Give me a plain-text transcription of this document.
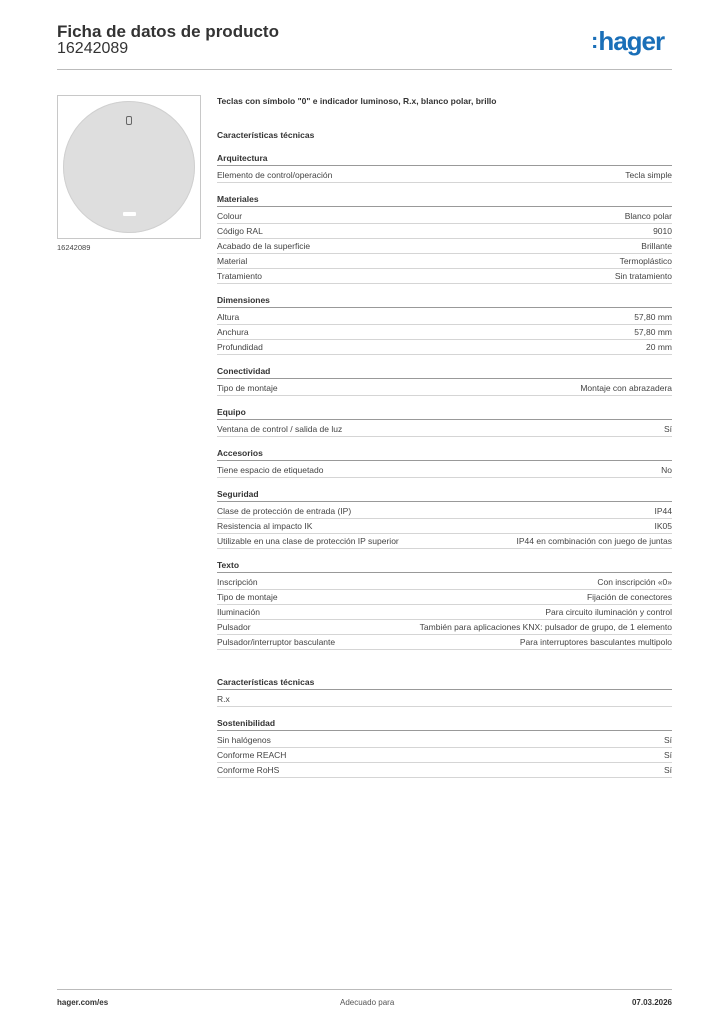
Ficha de datos de producto
16242089	:hager
16242089
Teclas con símbolo "0" e indicador luminoso, R.x, blanco polar, brillo
Características técnicas
Arquitectura
Elemento de control/operación	Tecla simple
Materiales
Colour	Blanco polar
Código RAL	9010
Acabado de la superficie	Brillante
Material	Termoplástico
Tratamiento	Sin tratamiento
Dimensiones
Altura	57,80 mm
Anchura	57,80 mm
Profundidad	20 mm
Conectividad
Tipo de montaje	Montaje con abrazadera
Equipo
Ventana de control / salida de luz	Sí
Accesorios
Tiene espacio de etiquetado	No
Seguridad
Clase de protección de entrada (IP)	IP44
Resistencia al impacto IK	IK05
Utilizable en una clase de protección IP superior	IP44 en combinación con juego de juntas
Texto
Inscripción	Con inscripción «0»
Tipo de montaje	Fijación de conectores
Iluminación	Para circuito iluminación y control
Pulsador	También para aplicaciones KNX: pulsador de grupo, de 1 elemento
Pulsador/interruptor basculante	Para interruptores basculantes multipolo
Características técnicas
R.x
Sostenibilidad
Sin halógenos	Sí
Conforme REACH	Sí
Conforme RoHS	Sí
hager.com/es	Adecuado para	07.03.2026
